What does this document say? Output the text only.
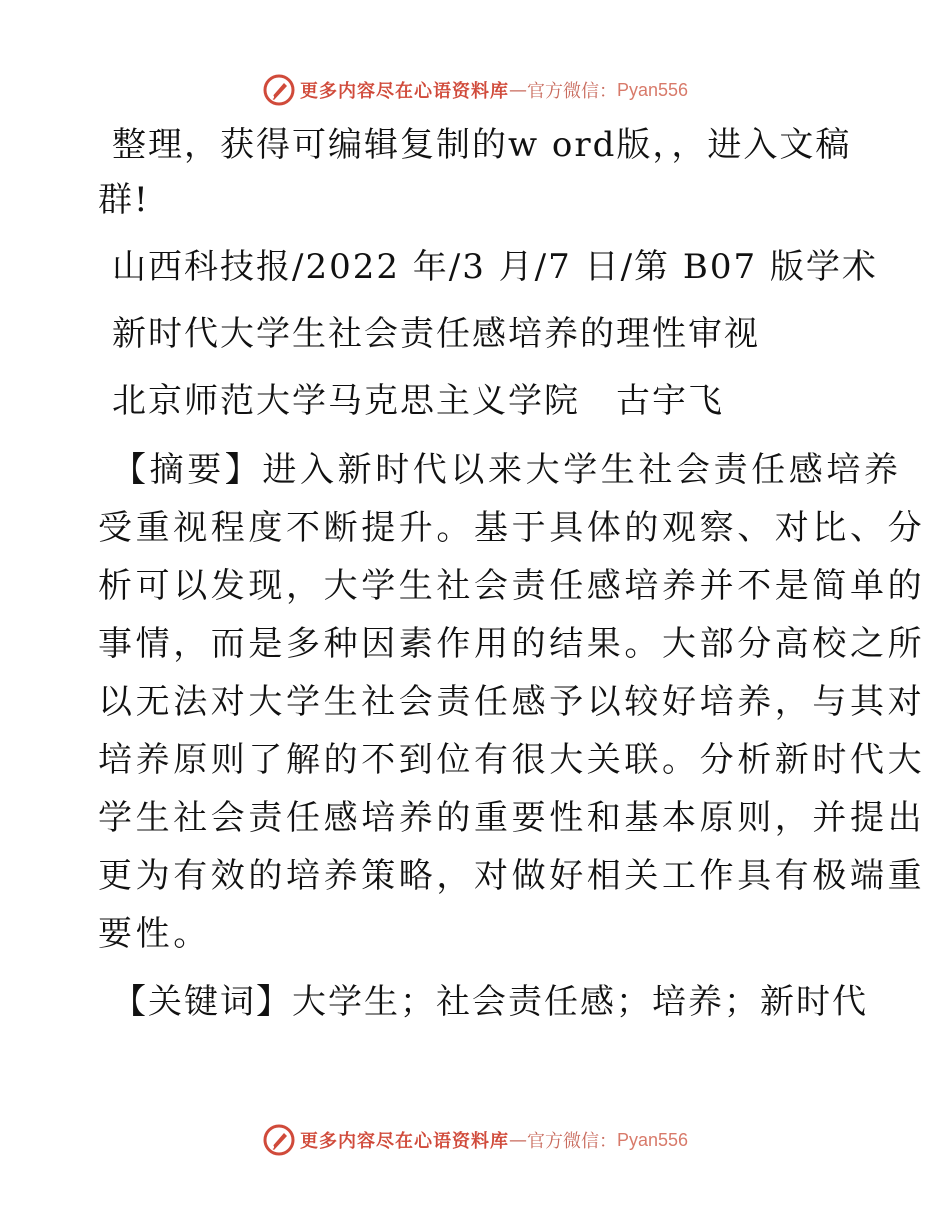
更多内容尽在心语资料库 — 官方微信： Pyan556
整理，获得可编辑复制的w ord版，，进入文稿
群!
山西科技报/2022 年/3 月/7 日/第 B07 版学术
新时代大学生社会责任感培养的理性审视
北京师范大学马克思主义学院　古宇飞
【摘要】进入新时代以来大学生社会责任感培养
受重视程度不断提升。基于具体的观察、对比、分
析可以发现，大学生社会责任感培养并不是简单的
事情，而是多种因素作用的结果。大部分高校之所
以无法对大学生社会责任感予以较好培养，与其对
培养原则了解的不到位有很大关联。分析新时代大
学生社会责任感培养的重要性和基本原则，并提出
更为有效的培养策略，对做好相关工作具有极端重
要性。
【关键词】大学生；社会责任感；培养；新时代
更多内容尽在心语资料库 — 官方微信： Pyan556
